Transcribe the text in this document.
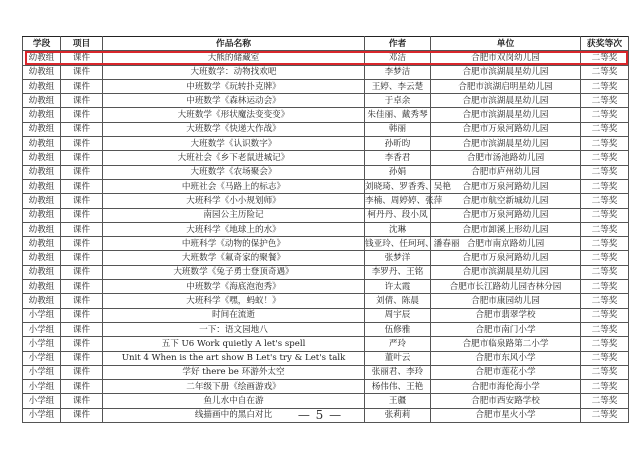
学段	项目	作品名称	作者	单位	获奖等次
幼教组	课件	大熊的储藏室	邓洁	合肥市双岗幼儿园	二等奖
幼教组	课件	大班数学：动物找欢吧	李梦洁	合肥市滨湖晨星幼儿园	二等奖
幼教组	课件	中班数学《玩转扑克牌》	王婷、李云楚	合肥市滨湖启明星幼儿园	二等奖
幼教组	课件	中班数学《森林运动会》	于卓余	合肥市滨湖晨星幼儿园	二等奖
幼教组	课件	大班数学《形状魔法变变变》	朱佳丽、戴秀琴	合肥市滨湖晨星幼儿园	二等奖
幼教组	课件	大班数学《快递大作战》	韩丽	合肥市万泉河路幼儿园	二等奖
幼教组	课件	大班数学《认识数字》	孙昕昀	合肥市滨湖晨星幼儿园	二等奖
幼教组	课件	大班社会《乡下老鼠进城记》	李香君	合肥市汤池路幼儿园	二等奖
幼教组	课件	大班数学《农场聚会》	孙娟	合肥市庐州幼儿园	二等奖
幼教组	课件	中班社会《马路上的标志》	刘晓琦、罗香秀、吴艳	合肥市万泉河路幼儿园	二等奖
幼教组	课件	大班科学《小小规划师》	李楠、周婷婷、张萍	合肥市航空新城幼儿园	二等奖
幼教组	课件	南园公主历险记	柯丹丹、段小凤	合肥市万泉河路幼儿园	二等奖
幼教组	课件	大班科学《地球上的水》	沈琳	合肥市卸溪上形幼儿园	二等奖
幼教组	课件	中班科学《动物的保护色》	钱亚玲、任珂珂、潘春丽	合肥市南京路幼儿园	二等奖
幼教组	课件	大班数学《氟奇家的聚餐》	张梦洋	合肥市万泉河路幼儿园	二等奖
幼教组	课件	大班数学《兔子勇士登顶奇遇》	李罗丹、王铭	合肥市滨湖晨星幼儿园	二等奖
幼教组	课件	中班数学《海底泡泡秀》	许太霞	合肥市长江路幼儿园杏林分园	二等奖
幼教组	课件	大班科学《嘿，蚂蚁！》	刘倩、陈晨	合肥市康园幼儿园	二等奖
小学组	课件	时间在流逝	周宇辰	合肥市翡翠学校	二等奖
小学组	课件	一下：语文园地八	伍修雅	合肥市南门小学	二等奖
小学组	课件	五下 U6 Work quietly A let's spell	严玲	合肥市临泉路第二小学	二等奖
小学组	课件	Unit 4 When is the art show B Let's try & Let's talk	董叶云	合肥市东风小学	二等奖
小学组	课件	学好 there be 环游外太空	张丽君、李玲	合肥市莲花小学	二等奖
小学组	课件	二年级下册《绘画游戏》	杨伟伟、王艳	合肥市海伦海小学	二等奖
小学组	课件	鱼儿水中自在游	王疆	合肥市西安路学校	二等奖
小学组	课件	线描画中的黑白对比	张莉莉	合肥市星火小学	二等奖
— 5 —
